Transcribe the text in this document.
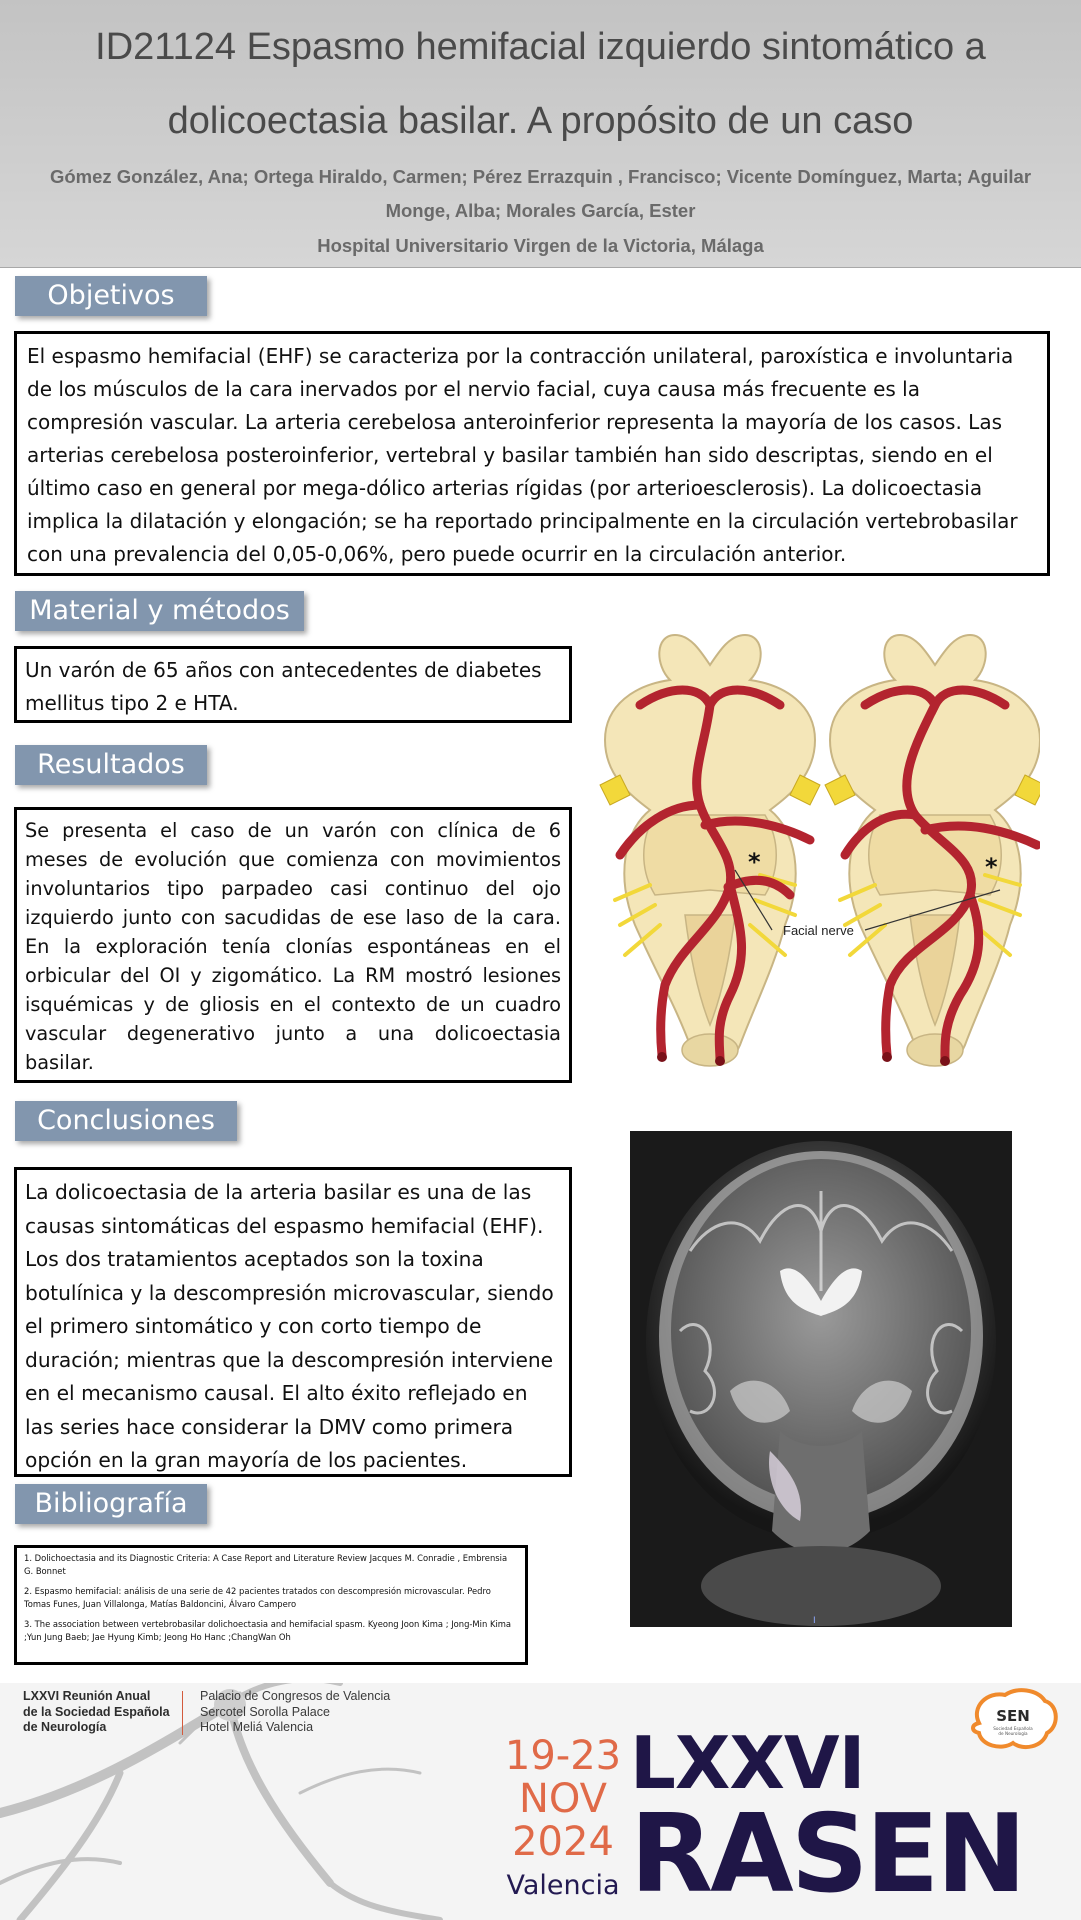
ID21124 Espasmo hemifacial izquierdo sintomático a dolicoectasia basilar. A propósito de un caso
Gómez González, Ana; Ortega Hiraldo, Carmen; Pérez Errazquin , Francisco; Vicente Domínguez, Marta; Aguilar Monge, Alba; Morales García, Ester
Hospital Universitario Virgen de la Victoria, Málaga
Objetivos
El espasmo hemifacial (EHF) se caracteriza por la contracción unilateral, paroxística e involuntaria de los músculos de la cara inervados por el nervio facial, cuya causa más frecuente es la compresión vascular. La arteria cerebelosa anteroinferior representa la mayoría de los casos. Las arterias cerebelosa posteroinferior, vertebral y basilar también han sido descriptas, siendo en el último caso en general por mega-dólico arterias rígidas (por arterioesclerosis). La dolicoectasia implica la dilatación y elongación; se ha reportado principalmente en la circulación vertebrobasilar con una prevalencia del 0,05-0,06%, pero puede ocurrir en la circulación anterior.
Material y métodos
Un varón de 65 años con antecedentes de diabetes mellitus tipo 2 e HTA.
Resultados
Se presenta el caso de un varón con clínica de 6 meses de evolución que comienza con movimientos involuntarios tipo parpadeo casi continuo del ojo izquierdo junto con sacudidas de ese laso de la cara. En la exploración tenía clonías espontáneas en el orbicular del OI y zigomático. La RM mostró lesiones isquémicas y de gliosis en el contexto de un cuadro vascular degenerativo junto a una dolicoectasia basilar.
Conclusiones
La dolicoectasia de la arteria basilar es una de las causas sintomáticas del espasmo hemifacial (EHF). Los dos tratamientos aceptados son la toxina botulínica y la descompresión microvascular, siendo el primero sintomático y con corto tiempo de duración; mientras que la descompresión interviene en el mecanismo causal. El alto éxito reflejado en las series hace considerar la DMV como primera opción en la gran mayoría de los pacientes.
Bibliografía

1. Dolichoectasia and its Diagnostic Criteria: A Case Report and Literature Review Jacques M. Conradie , Embrensia G. Bonnet

2. Espasmo hemifacial: análisis de una serie de 42 pacientes tratados con descompresión microvascular. Pedro Tomas Funes, Juan Villalonga, Matías Baldoncini, Álvaro Campero

3. The association between vertebrobasilar dolichoectasia and hemifacial spasm. Kyeong Joon Kima ; Jong-Min Kima ;Yun Jung Baeb; Jae Hyung Kimb; Jeong Ho Hanc ;ChangWan Oh

*	*
Facial nerve
I
LXXVI Reunión Anual
de la Sociedad Española
de Neurología
Palacio de Congresos de Valencia
Sercotel Sorolla Palace
Hotel Meliá Valencia
19-23
NOV
2024
Valencia
LXXVI
RASEN
SEN
Sociedad Española
de Neurología
